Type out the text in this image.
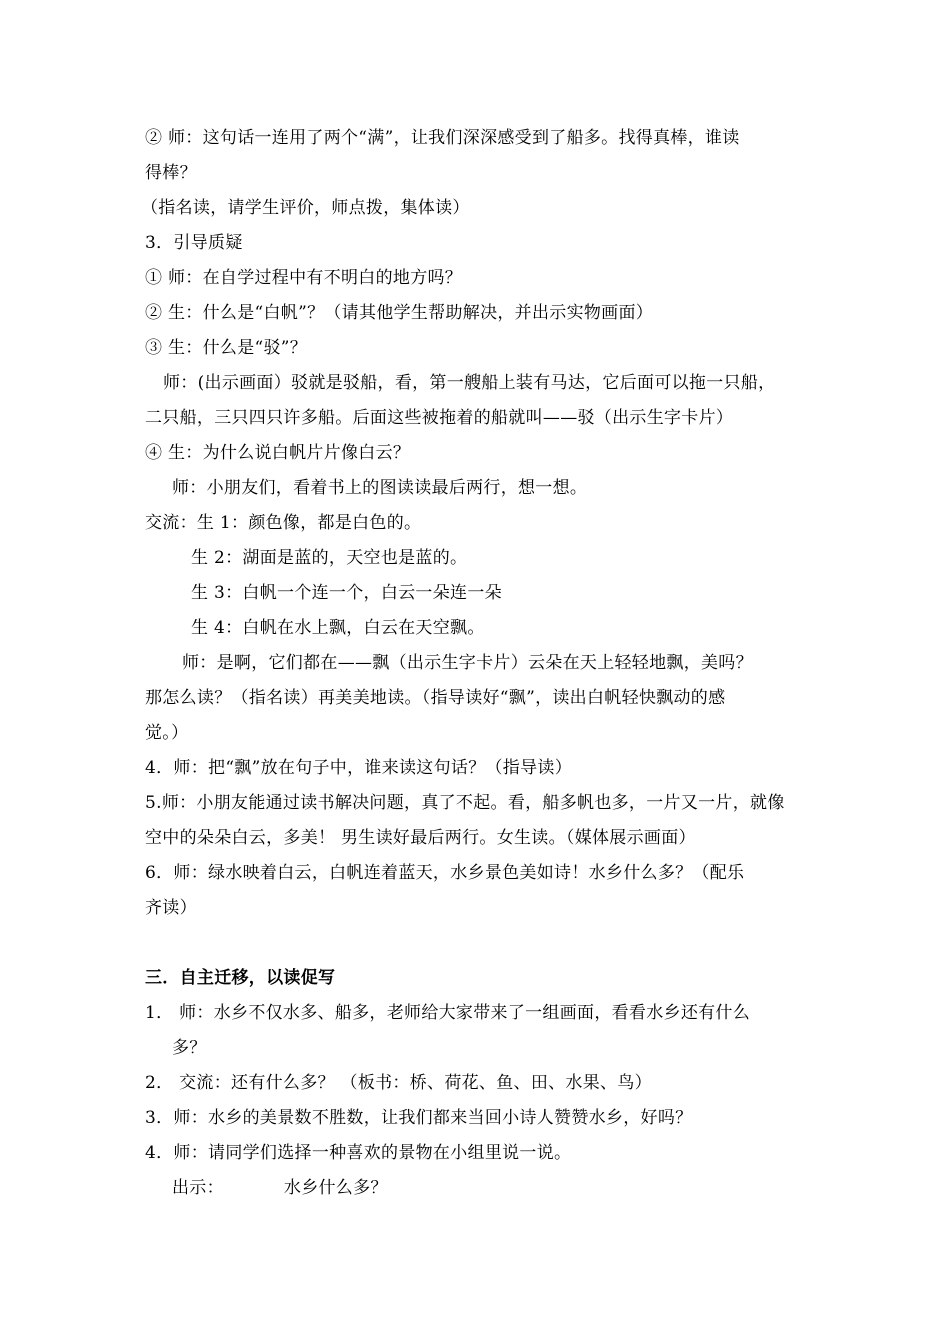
② 师：这句话一连用了两个“满”，让我们深深感受到了船多。找得真棒，谁读
得棒？
（指名读，请学生评价，师点拨，集体读）
3．引导质疑
① 师：在自学过程中有不明白的地方吗？
② 生：什么是“白帆”？（请其他学生帮助解决，并出示实物画面）
③ 生：什么是“驳”？
师：(出示画面）驳就是驳船，看，第一艘船上装有马达，它后面可以拖一只船，
二只船，三只四只许多船。后面这些被拖着的船就叫——驳（出示生字卡片）
④ 生：为什么说白帆片片像白云？
师：小朋友们，看着书上的图读读最后两行，想一想。
交流：生 1：颜色像，都是白色的。
生 2：湖面是蓝的，天空也是蓝的。
生 3：白帆一个连一个，白云一朵连一朵
生 4：白帆在水上飘，白云在天空飘。
师：是啊，它们都在——飘（出示生字卡片）云朵在天上轻轻地飘，美吗？
那怎么读？（指名读）再美美地读。（指导读好“飘”，读出白帆轻快飘动的感
觉。）
4．师：把“飘”放在句子中，谁来读这句话？（指导读）
5.师：小朋友能通过读书解决问题，真了不起。看，船多帆也多，一片又一片，就像
空中的朵朵白云，多美！ 男生读好最后两行。女生读。（媒体展示画面）
6．师：绿水映着白云，白帆连着蓝天，水乡景色美如诗！水乡什么多？（配乐
齐读）
三．自主迁移，以读促写
1． 师：水乡不仅水多、船多，老师给大家带来了一组画面，看看水乡还有什么
多？
2． 交流：还有什么多？ （板书：桥、荷花、鱼、田、水果、鸟）
3．师：水乡的美景数不胜数，让我们都来当回小诗人赞赞水乡，好吗？
4．师：请同学们选择一种喜欢的景物在小组里说一说。
出示：	水乡什么多？
